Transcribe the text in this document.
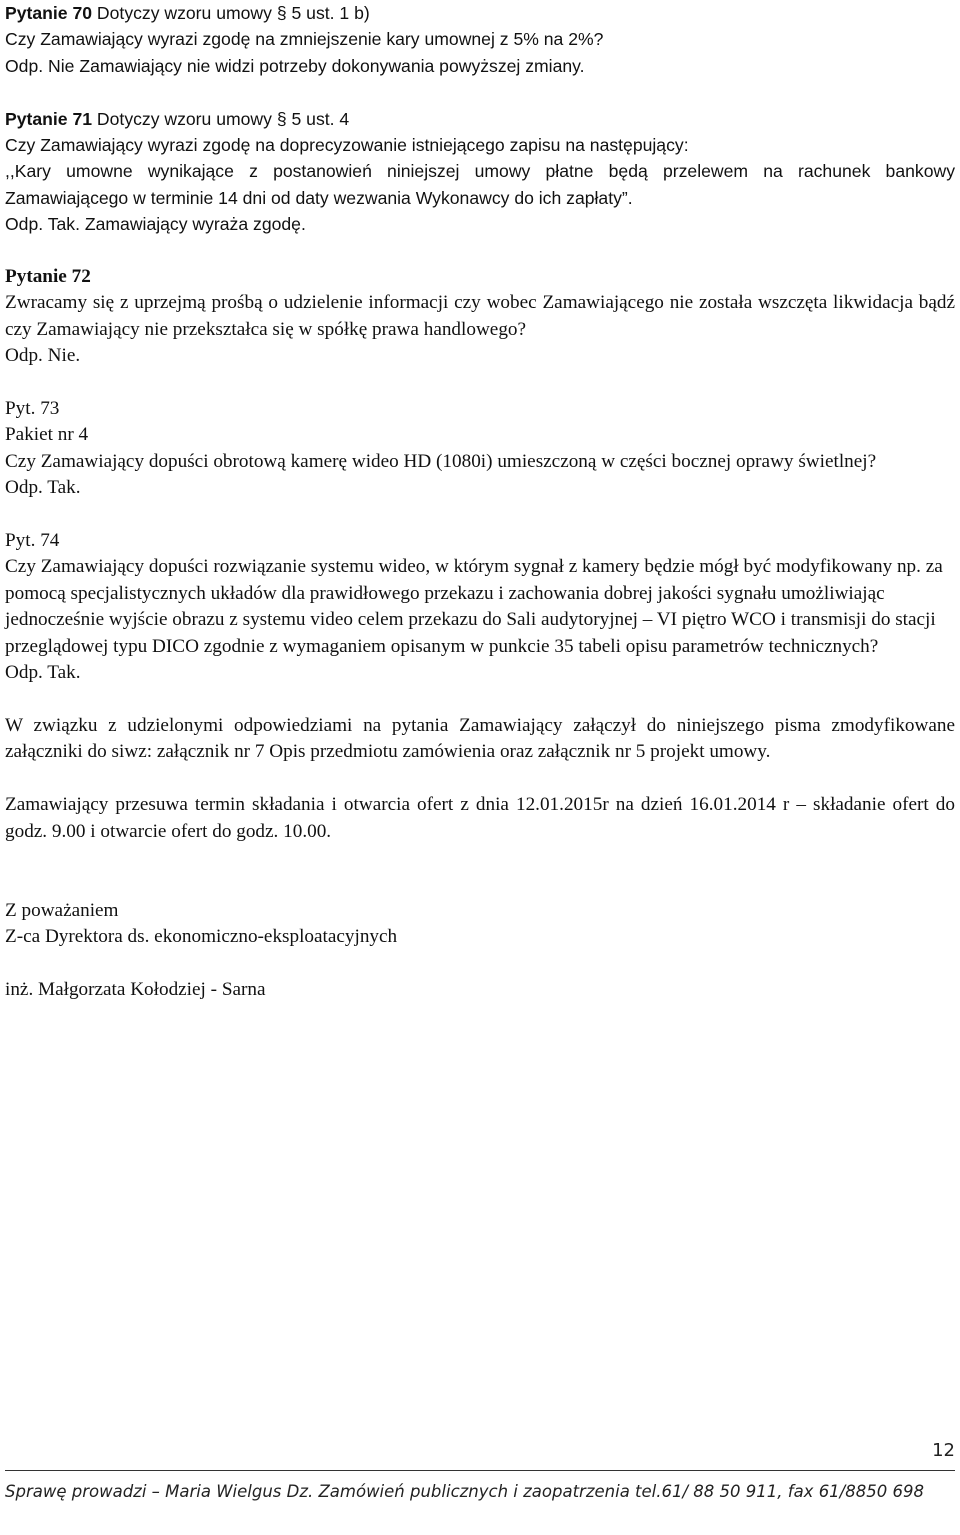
Pytanie 70 Dotyczy wzoru umowy § 5 ust. 1 b)

Czy Zamawiający wyrazi zgodę na zmniejszenie kary umownej z 5% na 2%?

Odp. Nie Zamawiający nie widzi potrzeby dokonywania powyższej zmiany.

Pytanie 71 Dotyczy wzoru umowy § 5 ust. 4

Czy Zamawiający wyrazi zgodę na doprecyzowanie istniejącego zapisu na następujący:

,,Kary umowne wynikające z postanowień niniejszej umowy płatne będą przelewem na rachunek bankowy Zamawiającego w terminie 14 dni od daty wezwania Wykonawcy do ich zapłaty”.

Odp. Tak. Zamawiający wyraża zgodę.

Pytanie 72

Zwracamy się z uprzejmą prośbą o udzielenie informacji czy wobec Zamawiającego nie została wszczęta likwidacja bądź czy Zamawiający nie przekształca się w spółkę prawa handlowego?

Odp. Nie.

Pyt. 73

Pakiet nr 4

Czy Zamawiający dopuści obrotową kamerę wideo HD (1080i) umieszczoną w części bocznej oprawy świetlnej?

Odp. Tak.

Pyt. 74

Czy Zamawiający dopuści rozwiązanie systemu wideo, w którym sygnał z kamery będzie mógł być modyfikowany np. za pomocą specjalistycznych układów dla prawidłowego przekazu i zachowania dobrej jakości sygnału umożliwiając jednocześnie wyjście obrazu z systemu video celem przekazu do Sali audytoryjnej – VI piętro WCO i transmisji do stacji przeglądowej typu DICO zgodnie z wymaganiem opisanym w punkcie 35 tabeli opisu parametrów technicznych?

Odp. Tak.

W związku z udzielonymi odpowiedziami na pytania Zamawiający załączył do niniejszego pisma zmodyfikowane załączniki do siwz: załącznik nr 7 Opis przedmiotu zamówienia oraz załącznik nr 5 projekt umowy.

Zamawiający przesuwa termin składania i otwarcia ofert z dnia 12.01.2015r na dzień 16.01.2014 r – składanie ofert do godz. 9.00 i otwarcie ofert do godz. 10.00.

Z poważaniem

Z-ca Dyrektora ds. ekonomiczno-eksploatacyjnych

inż. Małgorzata Kołodziej - Sarna

12
Sprawę prowadzi – Maria Wielgus Dz. Zamówień publicznych i zaopatrzenia tel.61/ 88 50 911, fax 61/8850 698
